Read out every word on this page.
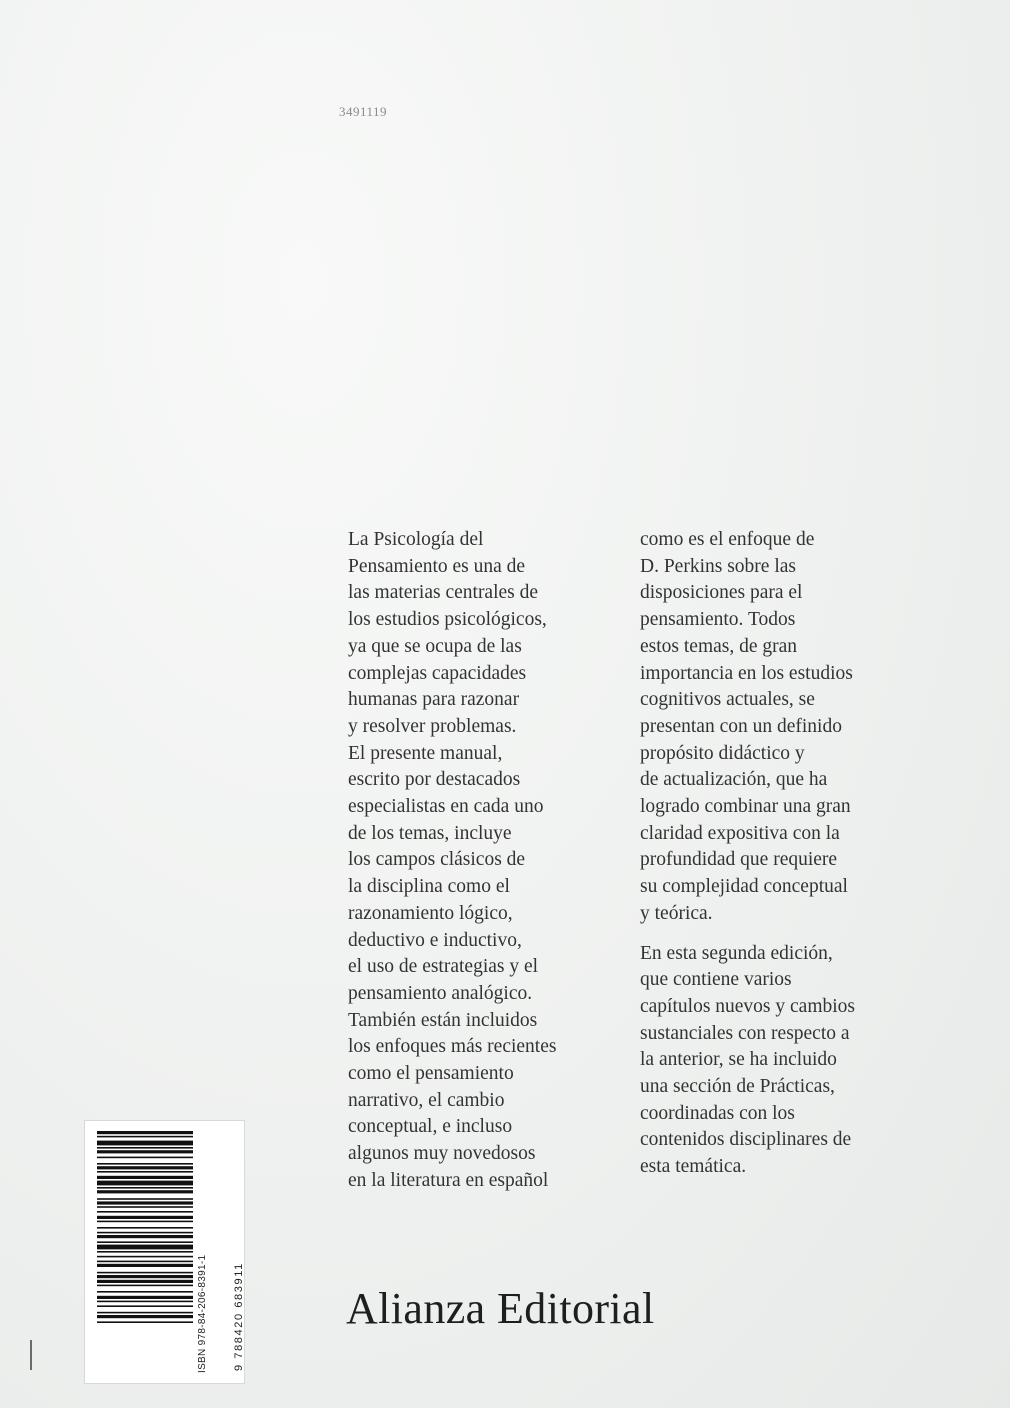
3491119
La Psicología del
Pensamiento es una de
las materias centrales de
los estudios psicológicos,
ya que se ocupa de las
complejas capacidades
humanas para razonar
y resolver problemas.
El presente manual,
escrito por destacados
especialistas en cada uno
de los temas, incluye
los campos clásicos de
la disciplina como el
razonamiento lógico,
deductivo e inductivo,
el uso de estrategias y el
pensamiento analógico.
También están incluidos
los enfoques más recientes
como el pensamiento
narrativo, el cambio
conceptual, e incluso
algunos muy novedosos
en la literatura en español
como es el enfoque de
D. Perkins sobre las
disposiciones para el
pensamiento. Todos
estos temas, de gran
importancia en los estudios
cognitivos actuales, se
presentan con un definido
propósito didáctico y
de actualización, que ha
logrado combinar una gran
claridad expositiva con la
profundidad que requiere
su complejidad conceptual
y teórica.
En esta segunda edición,
que contiene varios
capítulos nuevos y cambios
sustanciales con respecto a
la anterior, se ha incluido
una sección de Prácticas,
coordinadas con los
contenidos disciplinares de
esta temática.
ISBN 978-84-206-8391-1 9 788420 683911 Alianza Editorial
